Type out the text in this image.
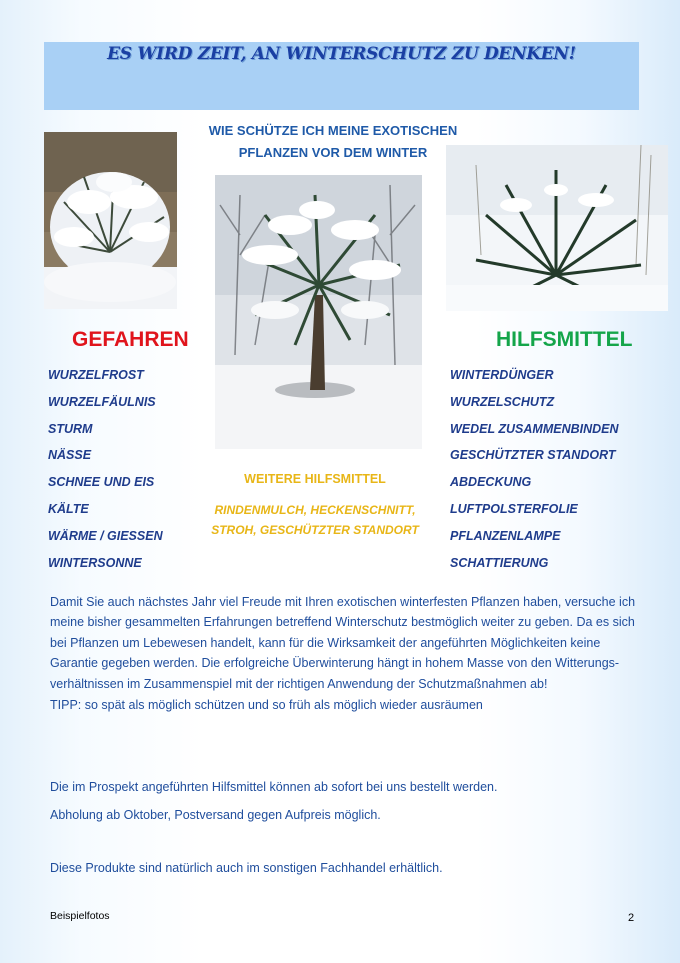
ES WIRD ZEIT, AN WINTERSCHUTZ ZU DENKEN!
WIE SCHÜTZE ICH MEINE EXOTISCHEN
PFLANZEN VOR DEM WINTER
GEFAHREN	HILFSMITTEL
WURZELFROST
WURZELFÄULNIS
STURM
NÄSSE
SCHNEE UND EIS
KÄLTE
WÄRME / GIESSEN
WINTERSONNE
WINTERDÜNGER
WURZELSCHUTZ
WEDEL ZUSAMMENBINDEN
GESCHÜTZTER STANDORT
ABDECKUNG
LUFTPOLSTERFOLIE
PFLANZENLAMPE
SCHATTIERUNG
WEITERE HILFSMITTEL
RINDENMULCH, HECKENSCHNITT,
STROH, GESCHÜTZTER STANDORT
Damit Sie auch nächstes Jahr viel Freude mit Ihren exotischen winterfesten Pflanzen haben, versuche ich meine bisher gesammelten Erfahrungen betreffend Winterschutz bestmöglich weiter zu geben. Da es sich bei Pflanzen um Lebewesen handelt, kann für die Wirksamkeit der angeführten Möglichkeiten keine Garantie gegeben werden. Die erfolgreiche Überwinterung hängt in hohem Masse von den Witterungs-verhältnissen im Zusammenspiel mit der richtigen Anwendung der Schutzmaßnahmen ab!
TIPP: so spät als möglich schützen und so früh als möglich wieder ausräumen
Die im Prospekt angeführten Hilfsmittel können ab sofort bei uns bestellt werden.
Abholung ab Oktober, Postversand gegen Aufpreis möglich.
Diese Produkte sind natürlich auch im sonstigen Fachhandel erhältlich.
Beispielfotos	2
